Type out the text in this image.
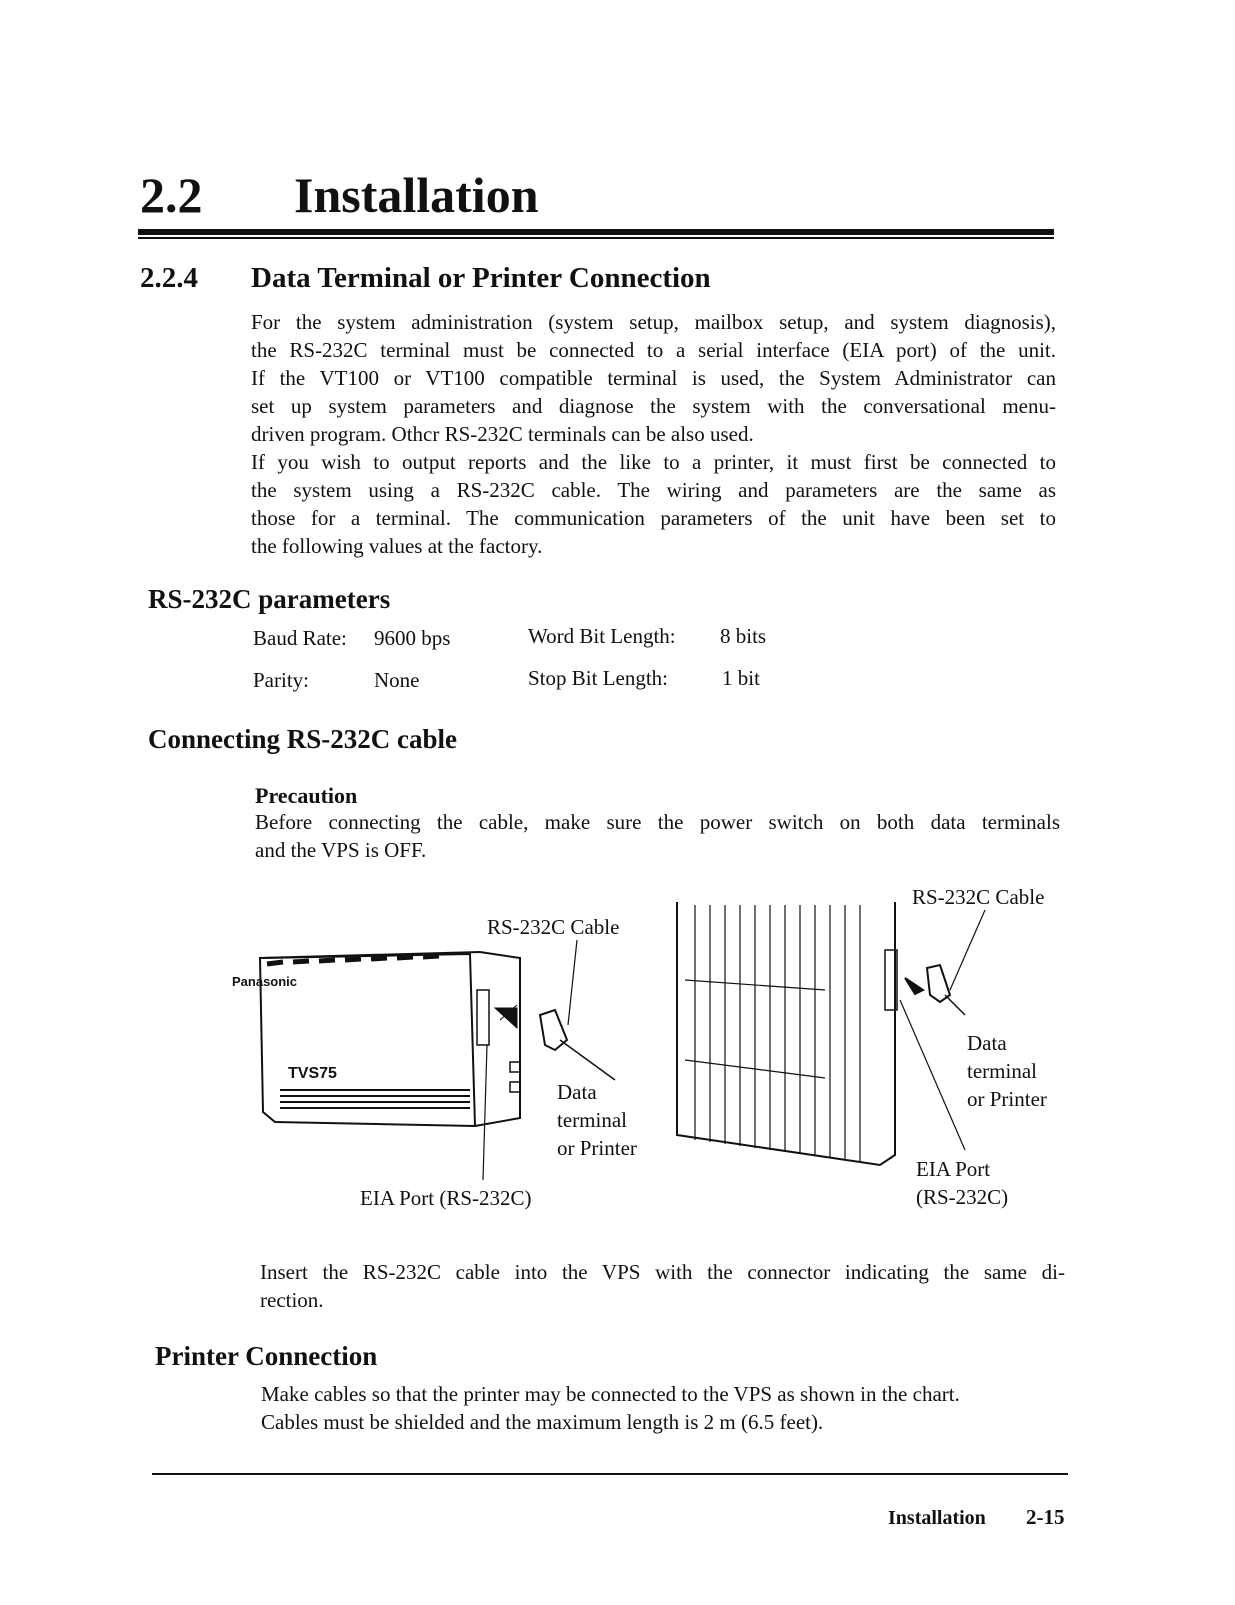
2.2 Installation
2.2.4 Data Terminal or Printer Connection
For the system administration (system setup, mailbox setup, and system diagnosis),
the RS-232C terminal must be connected to a serial interface (EIA port) of the unit.
If the VT100 or VT100 compatible terminal is used, the System Administrator can
set up system parameters and diagnose the system with the conversational menu-
driven program. Othcr RS-232C terminals can be also used.
If you wish to output reports and the like to a printer, it must first be connected to
the system using a RS-232C cable. The wiring and parameters are the same as
those for a terminal. The communication parameters of the unit have been set to
the following values at the factory.
RS-232C parameters
Baud Rate: 9600 bps	Word Bit Length: 8 bits
Parity:	None	Stop Bit Length:	1 bit
Connecting RS-232C cable
Precaution
Before connecting the cable, make sure the power switch on both data terminals
and the VPS is OFF.
Panasonic
TVS75
RS-232C Cable
Data
terminal
or Printer
EIA Port (RS-232C)
RS-232C Cable
Data
terminal
or Printer
EIA Port
(RS-232C)
Insert the RS-232C cable into the VPS with the connector indicating the same di-
rection.
Printer Connection
Make cables so that the printer may be connected to the VPS as shown in the chart.
Cables must be shielded and the maximum length is 2 m (6.5 feet).
Installation 2-15
